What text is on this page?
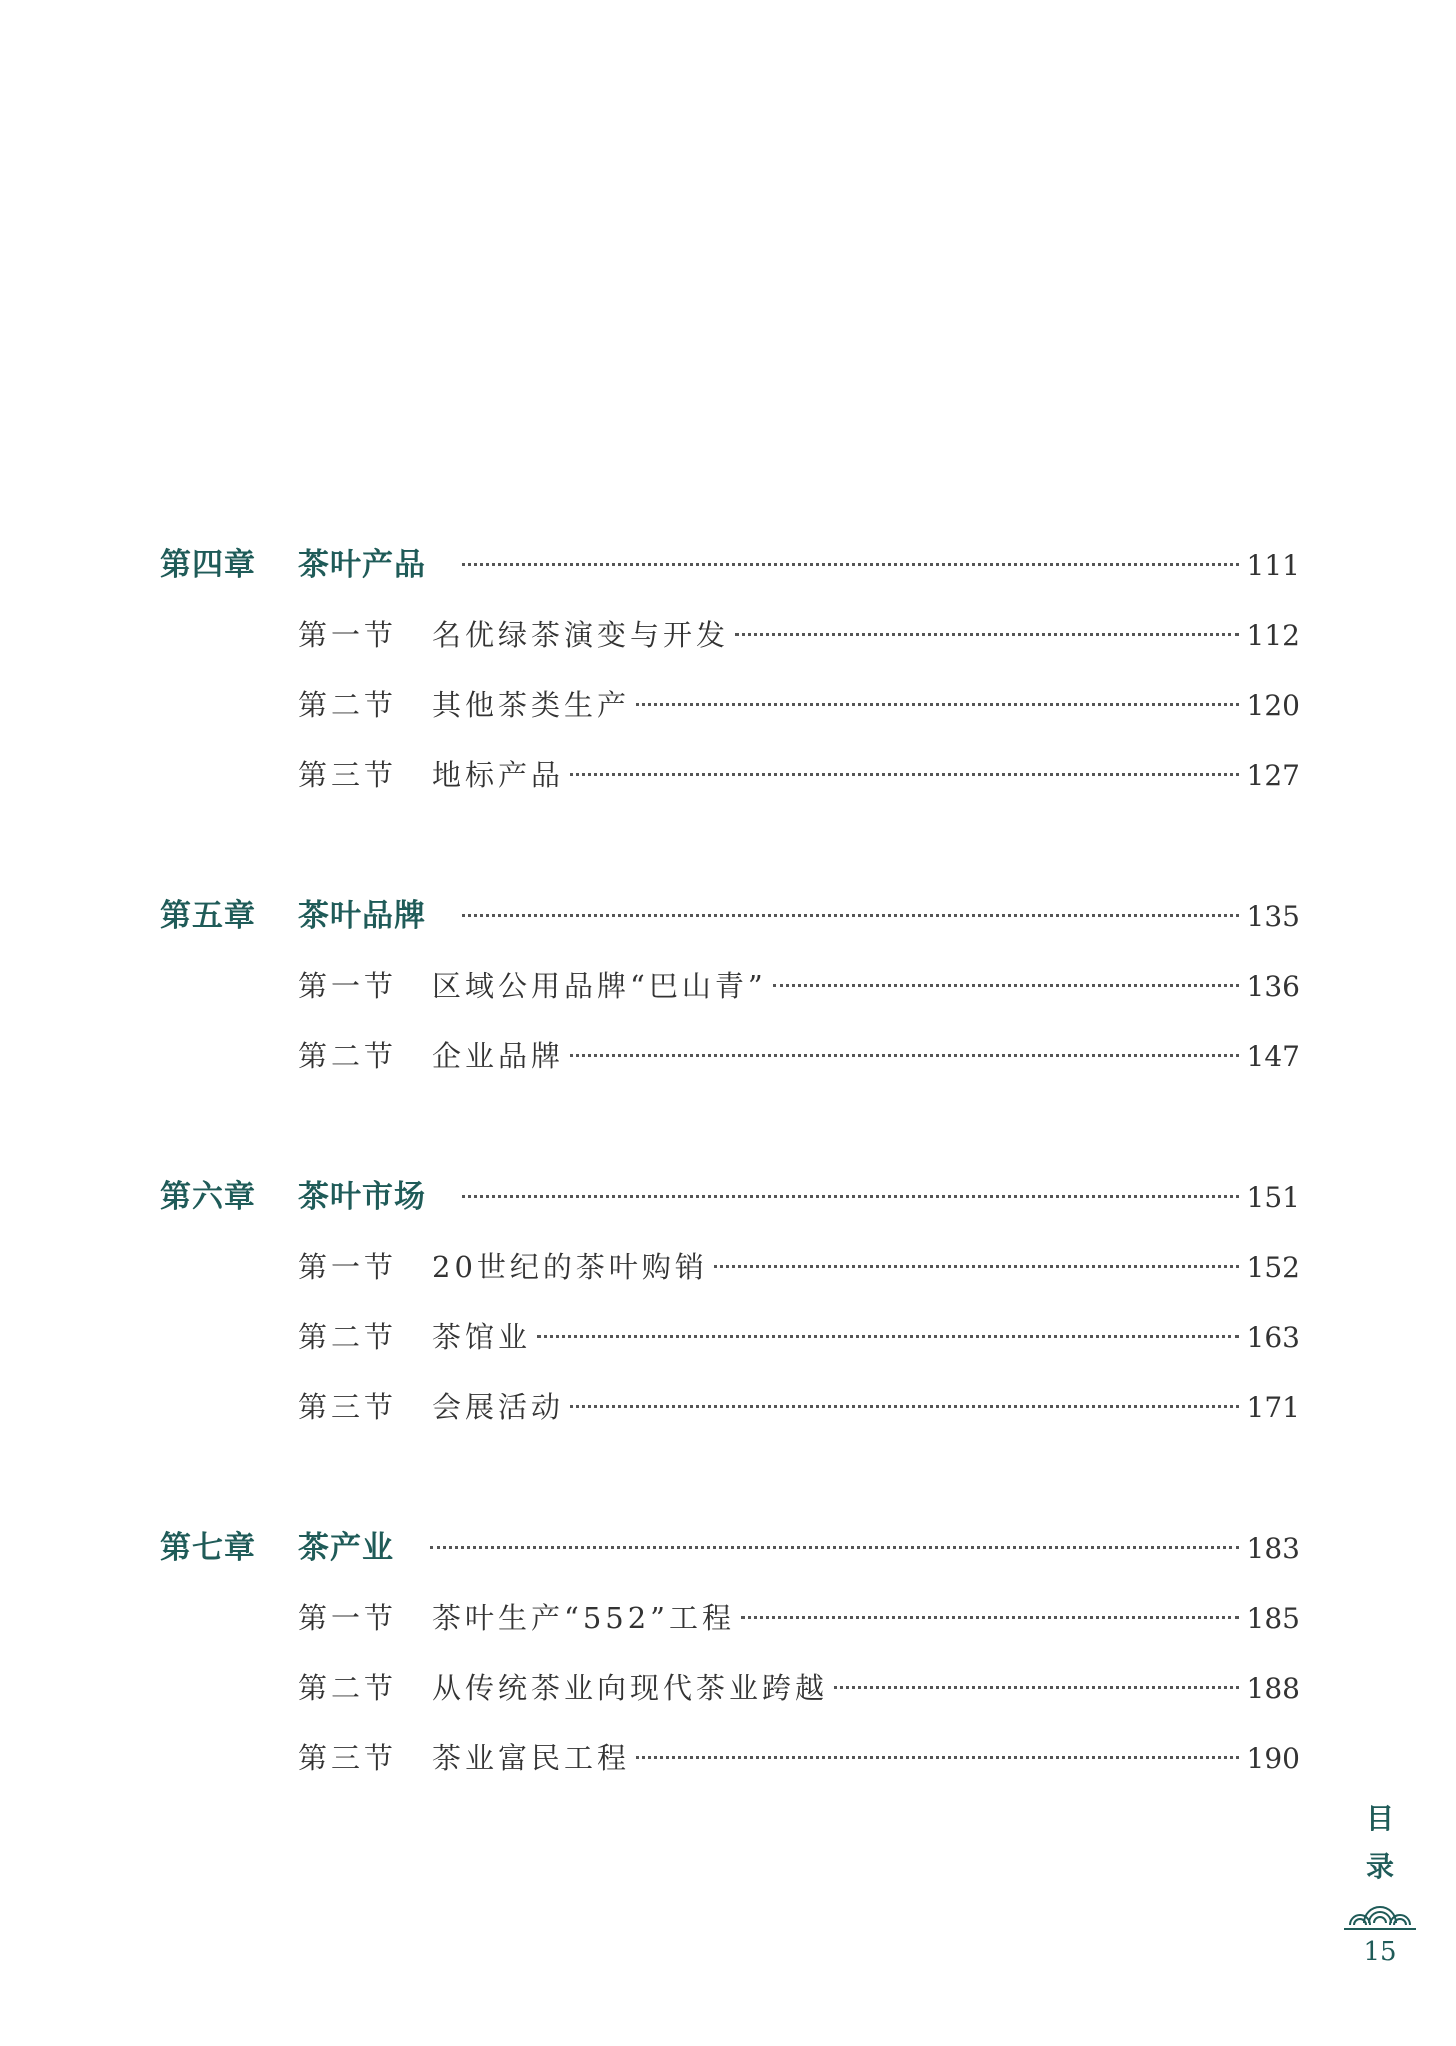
第四章	茶叶产品	111
第一节	名优绿茶演变与开发	112
第二节	其他茶类生产	120
第三节	地标产品	127
第五章	茶叶品牌	135
第一节	区域公用品牌“巴山青”	136
第二节	企业品牌	147
第六章	茶叶市场	151
第一节	20世纪的茶叶购销	152
第二节	茶馆业	163
第三节	会展活动	171
第七章	茶产业	183
第一节	茶叶生产“552”工程	185
第二节	从传统茶业向现代茶业跨越	188
第三节	茶业富民工程	190
目
录
15
